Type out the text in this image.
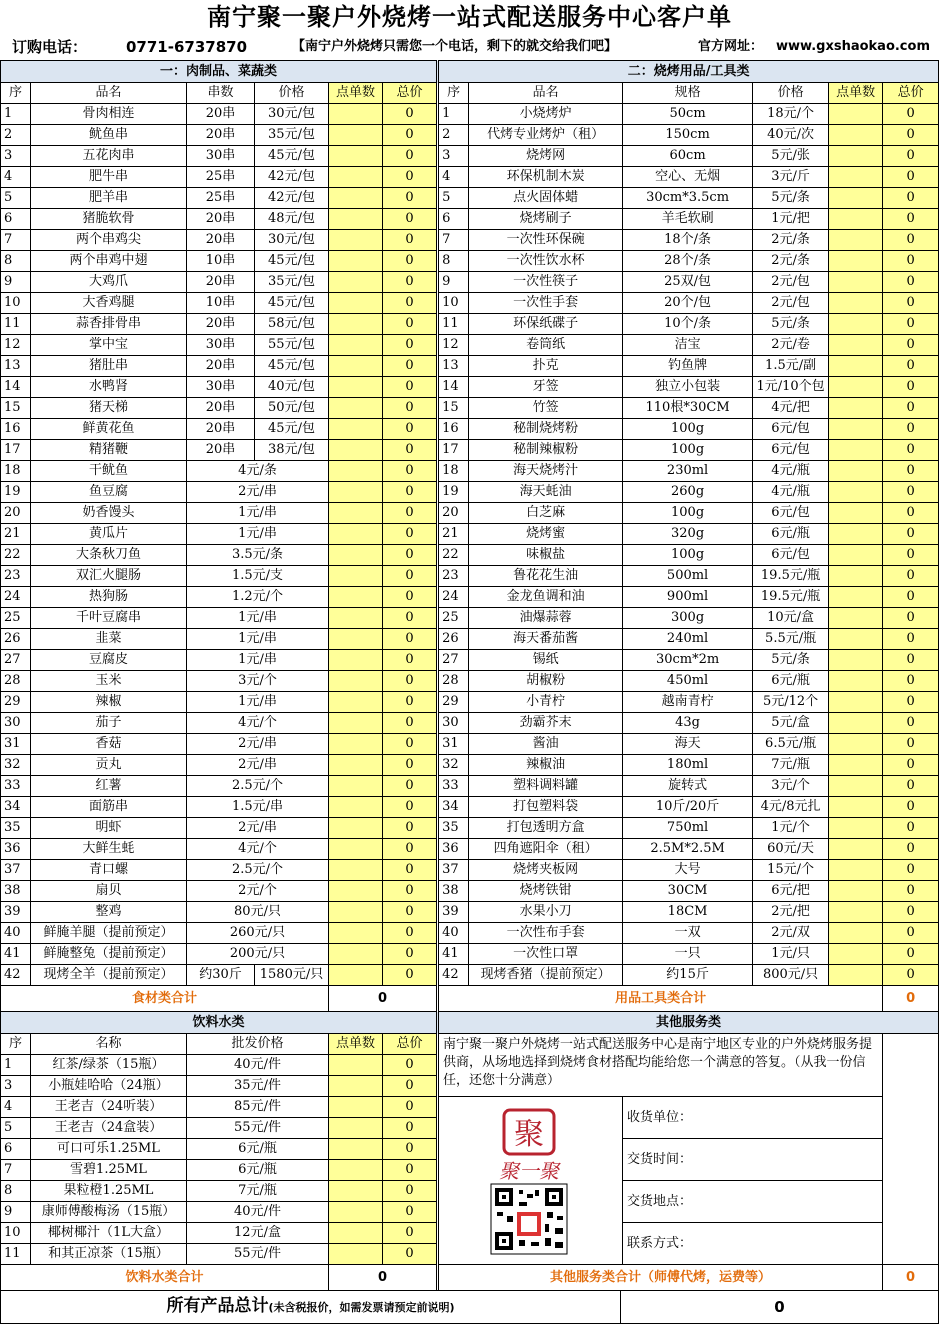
南宁聚一聚户外烧烤一站式配送服务中心客户单
订购电话：	0771-6737870	【南宁户外烧烤只需您一个电话，剩下的就交给我们吧】	官方网址： www.gxshaokao.com
一：肉制品、菜蔬类							二：烧烤用品/工具类					
序	品名	串数	价格	点单数	总价		序	品名	规格	价格	点单数	总价
1	骨肉相连	20串	30元/包		0		1	小烧烤炉	50cm	18元/个		0
2	鱿鱼串	20串	35元/包		0		2	代烤专业烤炉（租）	150cm	40元/次		0
3	五花肉串	30串	45元/包		0		3	烧烤网	60cm	5元/张		0
4	肥牛串	25串	42元/包		0		4	环保机制木炭	空心、无烟	3元/斤		0
5	肥羊串	25串	42元/包		0		5	点火固体蜡	30cm*3.5cm	5元/条		0
6	猪脆软骨	20串	48元/包		0		6	烧烤刷子	羊毛软刷	1元/把		0
7	两个串鸡尖	20串	30元/包		0		7	一次性环保碗	18个/条	2元/条		0
8	两个串鸡中翅	10串	45元/包		0		8	一次性饮水杯	28个/条	2元/条		0
9	大鸡爪	20串	35元/包		0		9	一次性筷子	25双/包	2元/包		0
10	大香鸡腿	10串	45元/包		0		10	一次性手套	20个/包	2元/包		0
11	蒜香排骨串	20串	58元/包		0		11	环保纸碟子	10个/条	5元/条		0
12	掌中宝	30串	55元/包		0		12	卷筒纸	洁宝	2元/卷		0
13	猪肚串	20串	45元/包		0		13	扑克	钓鱼牌	1.5元/副		0
14	水鸭肾	30串	40元/包		0		14	牙签	独立小包装	1元/10个包		0
15	猪天梯	20串	50元/包		0		15	竹签	110根*30CM	4元/把		0
16	鲜黄花鱼	20串	45元/包		0		16	秘制烧烤粉	100g	6元/包		0
17	精猪鞭	20串	38元/包		0		17	秘制辣椒粉	100g	6元/包		0
18	干鱿鱼	4元/条			0		18	海天烧烤汁	230ml	4元/瓶		0
19	鱼豆腐	2元/串			0		19	海天蚝油	260g	4元/瓶		0
20	奶香馒头	1元/串			0		20	白芝麻	100g	6元/包		0
21	黄瓜片	1元/串			0		21	烧烤蜜	320g	6元/瓶		0
22	大条秋刀鱼	3.5元/条			0		22	味椒盐	100g	6元/包		0
23	双汇火腿肠	1.5元/支			0		23	鲁花花生油	500ml	19.5元/瓶		0
24	热狗肠	1.2元/个			0		24	金龙鱼调和油	900ml	19.5元/瓶		0
25	千叶豆腐串	1元/串			0		25	油爆蒜蓉	300g	10元/盒		0
26	韭菜	1元/串			0		26	海天番茄酱	240ml	5.5元/瓶		0
27	豆腐皮	1元/串			0		27	锡纸	30cm*2m	5元/条		0
28	玉米	3元/个			0		28	胡椒粉	450ml	6元/瓶		0
29	辣椒	1元/串			0		29	小青柠	越南青柠	5元/12个		0
30	茄子	4元/个			0		30	劲霸芥末	43g	5元/盒		0
31	香菇	2元/串			0		31	酱油	海天	6.5元/瓶		0
32	贡丸	2元/串			0		32	辣椒油	180ml	7元/瓶		0
33	红薯	2.5元/个			0		33	塑料调料罐	旋转式	3元/个		0
34	面筋串	1.5元/串			0		34	打包塑料袋	10斤/20斤	4元/8元扎		0
35	明虾	2元/串			0		35	打包透明方盒	750ml	1元/个		0
36	大鲜生蚝	4元/个			0		36	四角遮阳伞（租）	2.5M*2.5M	60元/天		0
37	青口螺	2.5元/个			0		37	烧烤夹板网	大号	15元/个		0
38	扇贝	2元/个			0		38	烧烤铁钳	30CM	6元/把		0
39	整鸡	80元/只			0		39	水果小刀	18CM	2元/把		0
40	鲜腌羊腿（提前预定）	260元/只			0		40	一次性布手套	一双	2元/双		0
41	鲜腌整兔（提前预定）	200元/只			0		41	一次性口罩	一只	1元/只		0
42	现烤全羊（提前预定）	约30斤	1580元/只		0		42	现烤香猪（提前预定）	约15斤	800元/只		0
食材类合计				0			用品工具类合计					0
饮料水类						其他服务类		
序	名称	批发价格	点单数	总价		南宁聚一聚户外烧烤一站式配送服务中心是南宁地区专业的户外烧烤服务提供商，从场地选择到烧烤食材搭配均能给您一个满意的答复。（从我一份信任，还您十分满意）		
1	红茶/绿茶（15瓶）	40元/件		0				
3	小瓶娃哈哈（24瓶）	35元/件		0				
4	王老吉（24听装）	85元/件		0		聚
聚一聚	收货单位：	
5	王老吉（24盒装）	55元/件		0				
6	可口可乐1.25ML	6元/瓶		0			交货时间：	
7	雪碧1.25ML	6元/瓶		0				
8	果粒橙1.25ML	7元/瓶		0			交货地点：	
9	康师傅酸梅汤（15瓶）	40元/件		0				
10	椰树椰汁（1L大盒）	12元/盒		0			联系方式：	
11	和其正凉茶（15瓶）	55元/件		0				
饮料水类合计			0			其他服务类合计（师傅代烤，运费等）		0
所有产品总计(未含税报价，如需发票请预定前说明)	0
